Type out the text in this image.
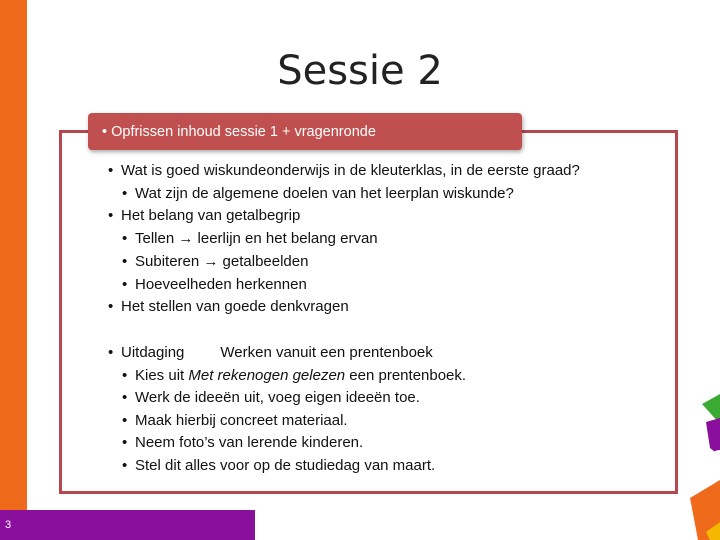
Sessie 2
• Opfrissen inhoud sessie 1 + vragenronde
• Wat is goed wiskundeonderwijs in de kleuterklas, in de eerste graad?
• Wat zijn de algemene doelen van het leerplan wiskunde?
• Het belang van getalbegrip
• Tellen → leerlijn en het belang ervan
• Subiteren → getalbeelden
• Hoeveelheden herkennen
• Het stellen van goede denkvragen
• Uitdaging Werken vanuit een prentenboek
• Kies uit Met rekenogen gelezen een prentenboek.
• Werk de ideeën uit, voeg eigen ideeën toe.
• Maak hierbij concreet materiaal.
• Neem foto’s van lerende kinderen.
• Stel dit alles voor op de studiedag van maart.
3
